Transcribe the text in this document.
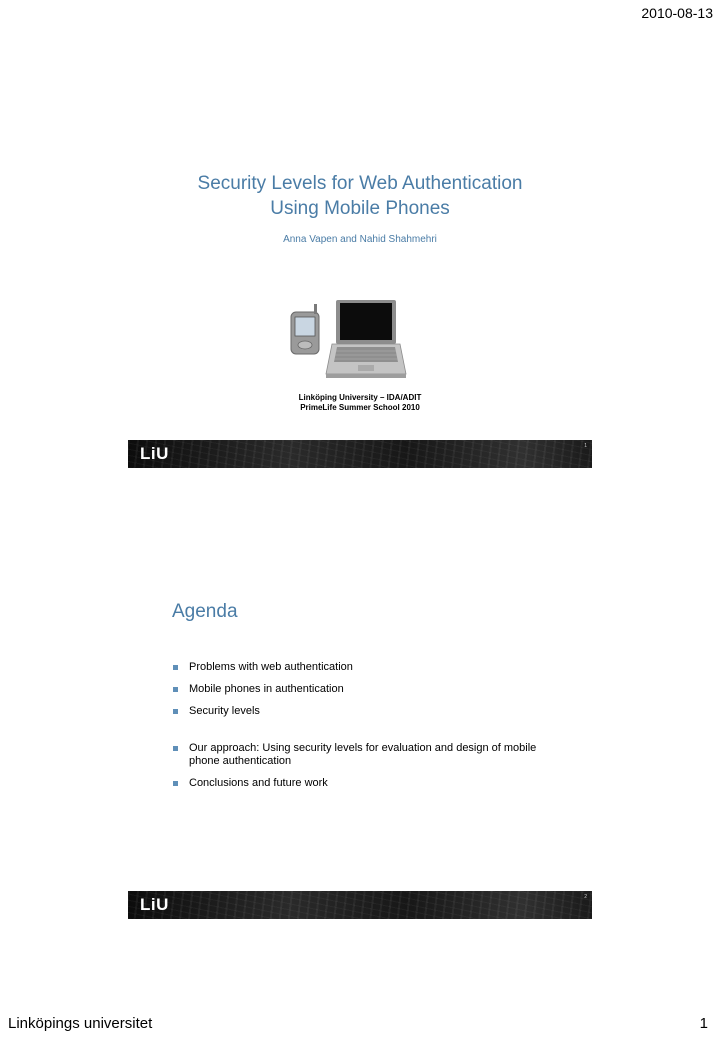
2010-08-13
Security Levels for Web Authentication
Using Mobile Phones
Anna Vapen and Nahid Shahmehri
Linköping University – IDA/ADIT
PrimeLife Summer School 2010
LiU	1
Agenda
Problems with web authentication
Mobile phones in authentication
Security levels
Our approach: Using security levels for evaluation and design of mobile phone authentication
Conclusions and future work
LiU	2
Linköpings universitet	1
